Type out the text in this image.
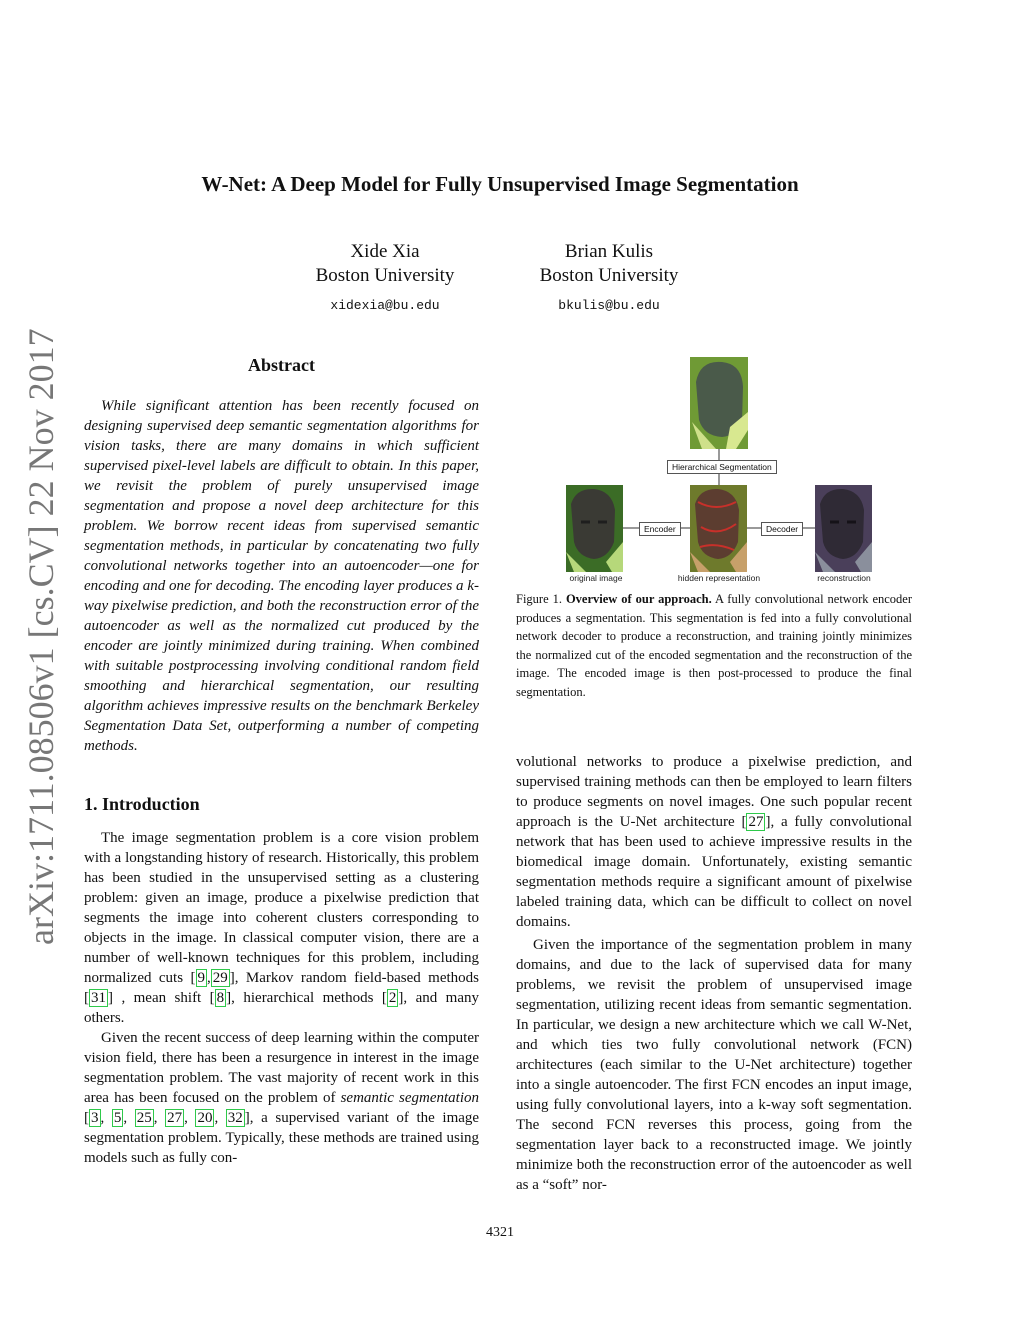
W-Net: A Deep Model for Fully Unsupervised Image Segmentation
Xide Xia
Boston University
xidexia@bu.edu
Brian Kulis
Boston University
bkulis@bu.edu
arXiv:1711.08506v1 [cs.CV] 22 Nov 2017	Abstract

While significant attention has been recently focused on designing supervised deep semantic segmentation algorithms for vision tasks, there are many domains in which sufficient supervised pixel-level labels are difficult to obtain. In this paper, we revisit the problem of purely unsupervised image segmentation and propose a novel deep architecture for this problem. We borrow recent ideas from supervised semantic segmentation methods, in particular by concatenating two fully convolutional networks together into an autoencoder—one for encoding and one for decoding. The encoding layer produces a k-way pixelwise prediction, and both the reconstruction error of the autoencoder as well as the normalized cut produced by the encoder are jointly minimized during training. When combined with suitable postprocessing involving conditional random field smoothing and hierarchical segmentation, our resulting algorithm achieves impressive results on the benchmark Berkeley Segmentation Data Set, outperforming a number of competing methods.

1. Introduction

The image segmentation problem is a core vision problem with a longstanding history of research. Historically, this problem has been studied in the unsupervised setting as a clustering problem: given an image, produce a pixelwise prediction that segments the image into coherent clusters corresponding to objects in the image. In classical computer vision, there are a number of well-known techniques for this problem, including normalized cuts [ 9 , 29 ], Markov random field-based methods [ 31 ] , mean shift [ 8 ], hierarchical methods [ 2 ], and many others.

Given the recent success of deep learning within the computer vision field, there has been a resurgence in interest in the image segmentation problem. The vast majority of recent work in this area has been focused on the problem of semantic segmentation [ 3 , 5 , 25 , 27 , 20 , 32 ], a supervised variant of the image segmentation problem. Typically, these methods are trained using models such as fully con-

Hierarchical Segmentation
Encoder	Decoder
original image	hidden representation	reconstruction
Figure 1. Overview of our approach. A fully convolutional network encoder produces a segmentation. This segmentation is fed into a fully convolutional network decoder to produce a reconstruction, and training jointly minimizes the normalized cut of the encoded segmentation and the reconstruction of the image. The encoded image is then post-processed to produce the final segmentation.

volutional networks to produce a pixelwise prediction, and supervised training methods can then be employed to learn filters to produce segments on novel images. One such popular recent approach is the U-Net architecture [ 27 ], a fully convolutional network that has been used to achieve impressive results in the biomedical image domain. Unfortunately, existing semantic segmentation methods require a significant amount of pixelwise labeled training data, which can be difficult to collect on novel domains.

Given the importance of the segmentation problem in many domains, and due to the lack of supervised data for many problems, we revisit the problem of unsupervised image segmentation, utilizing recent ideas from semantic segmentation. In particular, we design a new architecture which we call W-Net, and which ties two fully convolutional network (FCN) architectures (each similar to the U-Net architecture) together into a single autoencoder. The first FCN encodes an input image, using fully convolutional layers, into a k-way soft segmentation. The second FCN reverses this process, going from the segmentation layer back to a reconstructed image. We jointly minimize both the reconstruction error of the autoencoder as well as a “soft” nor-

4321
